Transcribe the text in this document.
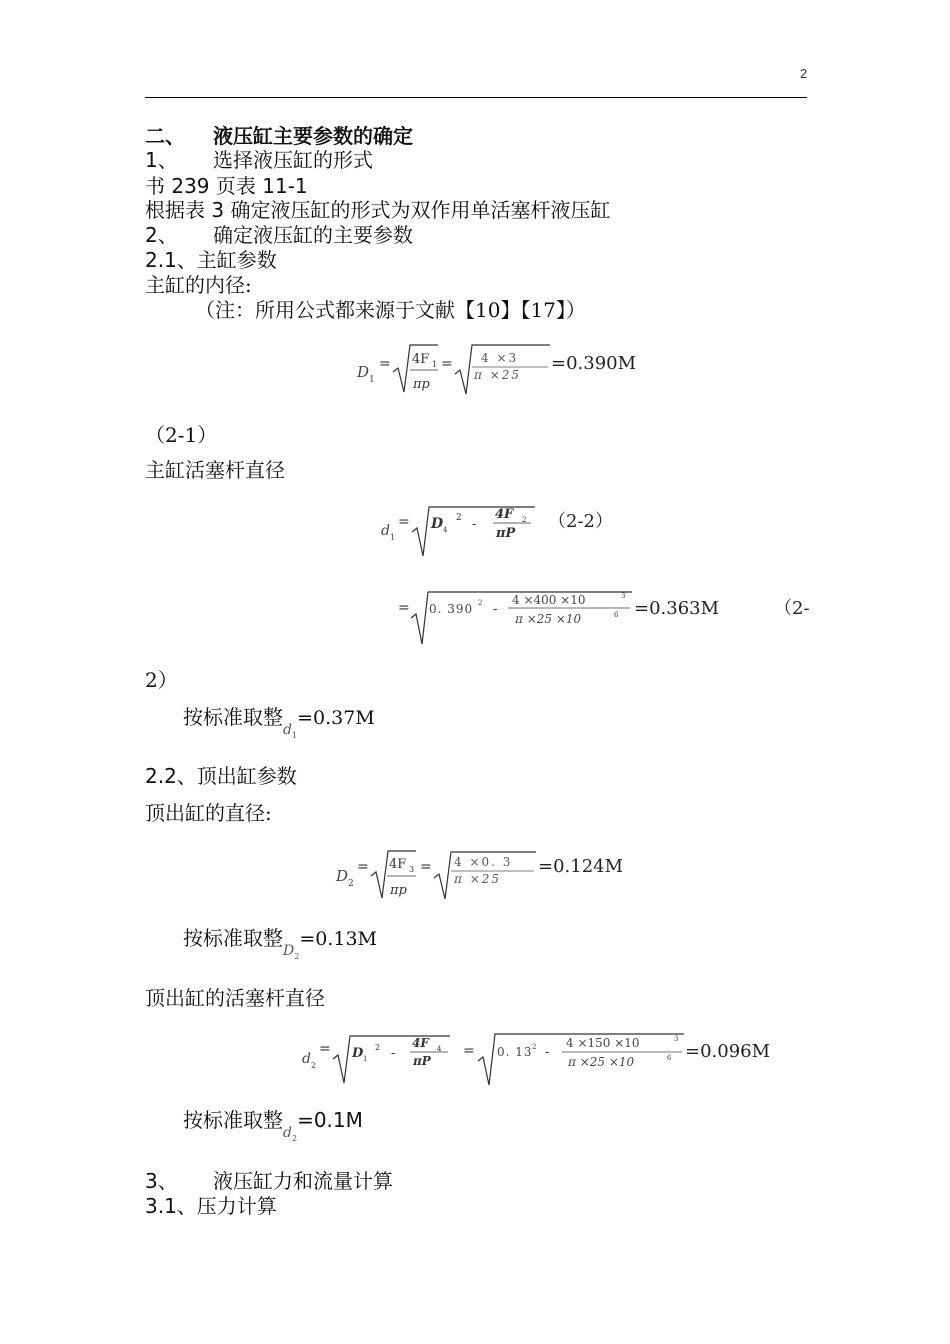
2
二、 液压缸主要参数的确定
1、 选择液压缸的形式
书 239 页表 11-1
根据表 3 确定液压缸的形式为双作用单活塞杆液压缸
2、 确定液压缸的主要参数
2.1、主缸参数
主缸的内径:
（注：所用公式都来源于文献【10】【17】）
D 1
= 4F 1
πp
= 4 ×3
π ×25
=0.390M
（2-1）
主缸活塞杆直径
d 1
= D 4
2 -
4F 2
πP
（2-2）
= 0. 390 2 -
4 ×400 ×10	3
π ×25 ×10	6 =0.363M	（2-
2）
按标准取整$_{d1}$=0.37M
2.2、顶出缸参数
顶出缸的直径:
D 2
= 4F 3
πp
= 4 ×0. 3
π ×25
=0.124M
按标准取整$_{D2}$=0.13M
顶出缸的活塞杆直径
d 2
= D 1
2 -
4F 4
πP
= 0. 13 2 -
4 ×150 ×10	3
π ×25 ×10	6 =0.096M
按标准取整$_{d2}$=0.1M
3、 液压缸力和流量计算
3.1、压力计算
